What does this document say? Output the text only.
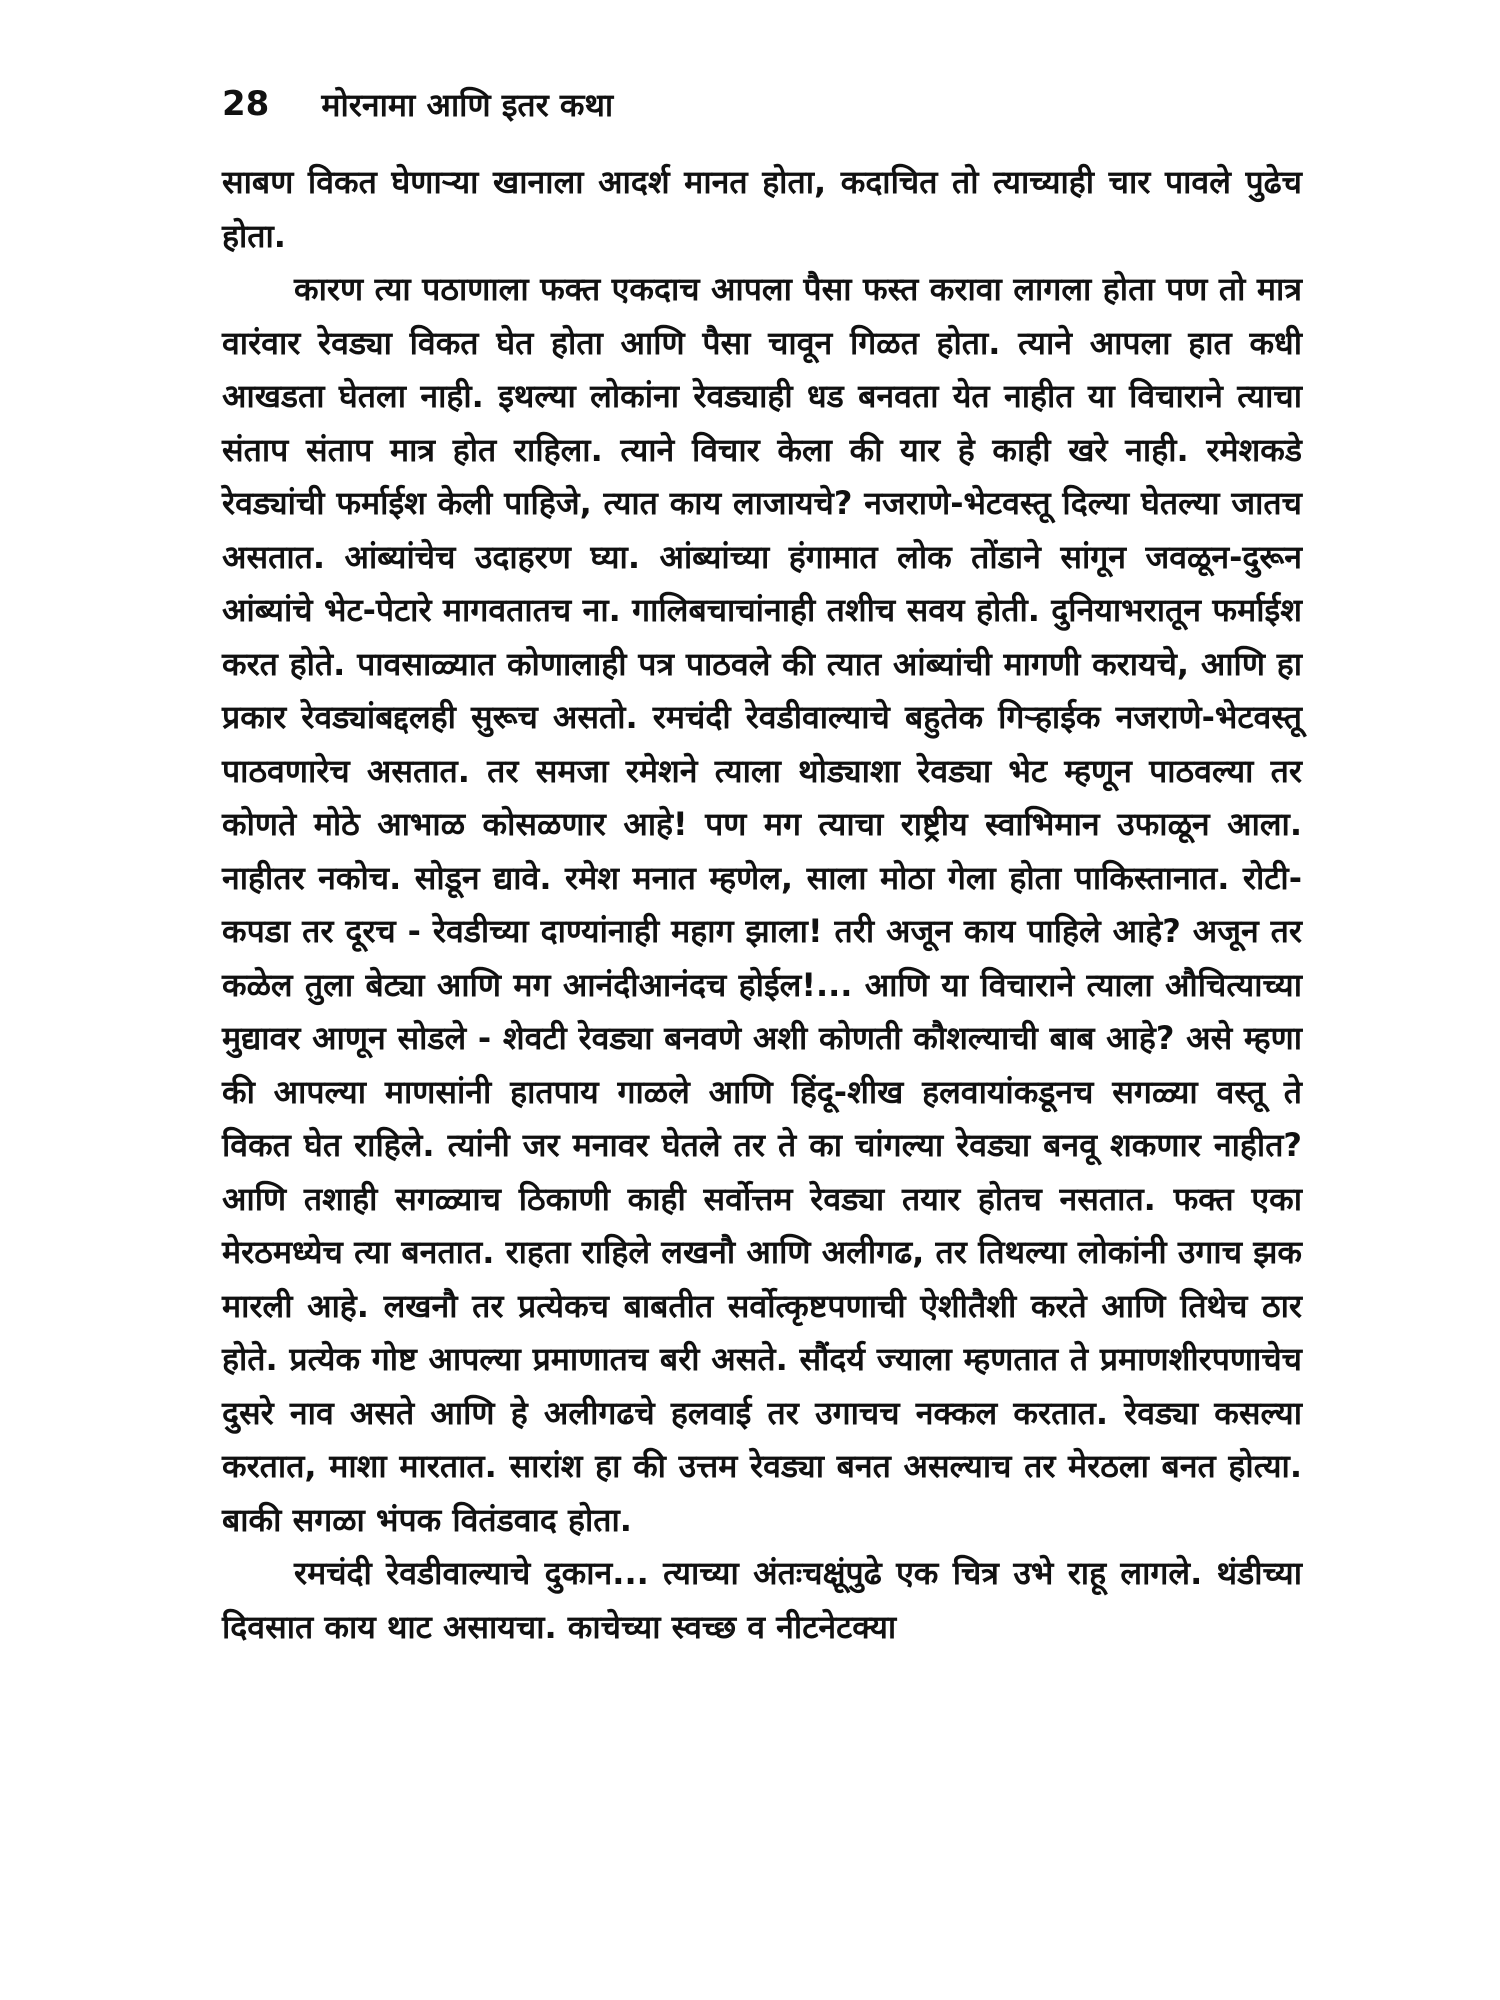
28 मोरनामा आणि इतर कथा

साबण विकत घेणाऱ्या खानाला आदर्श मानत होता, कदाचित तो त्याच्याही चार पावले पुढेच होता.

कारण त्या पठाणाला फक्त एकदाच आपला पैसा फस्त करावा लागला होता पण तो मात्र वारंवार रेवड्या विकत घेत होता आणि पैसा चावून गिळत होता. त्याने आपला हात कधी आखडता घेतला नाही. इथल्या लोकांना रेवड्याही धड बनवता येत नाहीत या विचाराने त्याचा संताप संताप मात्र होत राहिला. त्याने विचार केला की यार हे काही खरे नाही. रमेशकडे रेवड्यांची फर्माईश केली पाहिजे, त्यात काय लाजायचे? नजराणे-भेटवस्तू दिल्या घेतल्या जातच असतात. आंब्यांचेच उदाहरण घ्या. आंब्यांच्या हंगामात लोक तोंडाने सांगून जवळून-दुरून आंब्यांचे भेट-पेटारे मागवतातच ना. गालिबचाचांनाही तशीच सवय होती. दुनियाभरातून फर्माईश करत होते. पावसाळ्यात कोणालाही पत्र पाठवले की त्यात आंब्यांची मागणी करायचे, आणि हा प्रकार रेवड्यांबद्दलही सुरूच असतो. रमचंदी रेवडीवाल्याचे बहुतेक गिऱ्हाईक नजराणे-भेटवस्तू पाठवणारेच असतात. तर समजा रमेशने त्याला थोड्याशा रेवड्या भेट म्हणून पाठवल्या तर कोणते मोठे आभाळ कोसळणार आहे! पण मग त्याचा राष्ट्रीय स्वाभिमान उफाळून आला. नाहीतर नकोच. सोडून द्यावे. रमेश मनात म्हणेल, साला मोठा गेला होता पाकिस्तानात. रोटी-कपडा तर दूरच - रेवडीच्या दाण्यांनाही महाग झाला! तरी अजून काय पाहिले आहे? अजून तर कळेल तुला बेट्या आणि मग आनंदीआनंदच होईल!... आणि या विचाराने त्याला औचित्याच्या मुद्यावर आणून सोडले - शेवटी रेवड्या बनवणे अशी कोणती कौशल्याची बाब आहे? असे म्हणा की आपल्या माणसांनी हातपाय गाळले आणि हिंदू-शीख हलवायांकडूनच सगळ्या वस्तू ते विकत घेत राहिले. त्यांनी जर मनावर घेतले तर ते का चांगल्या रेवड्या बनवू शकणार नाहीत? आणि तशाही सगळ्याच ठिकाणी काही सर्वोत्तम रेवड्या तयार होतच नसतात. फक्त एका मेरठमध्येच त्या बनतात. राहता राहिले लखनौ आणि अलीगढ, तर तिथल्या लोकांनी उगाच झक मारली आहे. लखनौ तर प्रत्येकच बाबतीत सर्वोत्कृष्टपणाची ऐशीतैशी करते आणि तिथेच ठार होते. प्रत्येक गोष्ट आपल्या प्रमाणातच बरी असते. सौंदर्य ज्याला म्हणतात ते प्रमाणशीरपणाचेच दुसरे नाव असते आणि हे अलीगढचे हलवाई तर उगाचच नक्कल करतात. रेवड्या कसल्या करतात, माशा मारतात. सारांश हा की उत्तम रेवड्या बनत असल्याच तर मेरठला बनत होत्या. बाकी सगळा भंपक वितंडवाद होता.

रमचंदी रेवडीवाल्याचे दुकान... त्याच्या अंतःचक्षूंपुढे एक चित्र उभे राहू लागले. थंडीच्या दिवसात काय थाट असायचा. काचेच्या स्वच्छ व नीटनेटक्या
